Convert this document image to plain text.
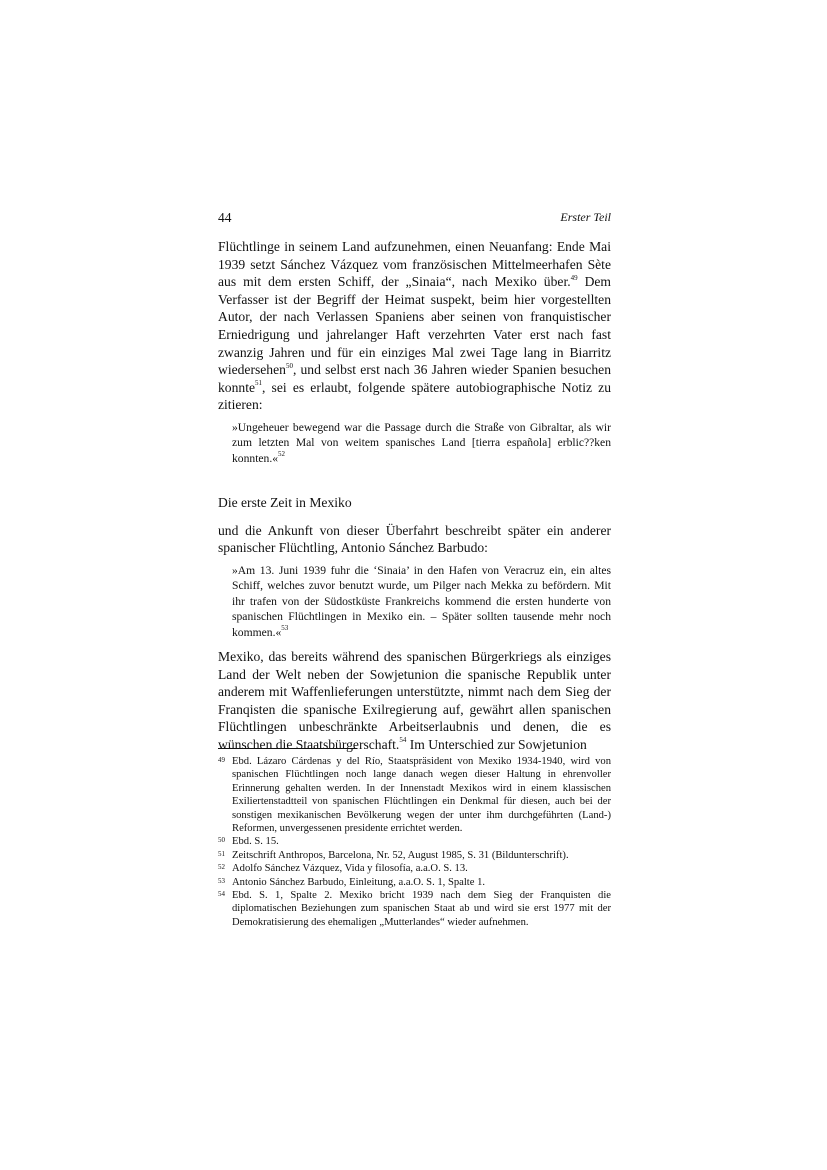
44	Erster Teil

Flüchtlinge in seinem Land aufzunehmen, einen Neuanfang: Ende Mai 1939 setzt Sánchez Vázquez vom französischen Mittelmeerhafen Sète aus mit dem ersten Schiff, der „Sinaia“, nach Mexiko über.$^{49}$ Dem Verfasser ist der Begriff der Heimat suspekt, beim hier vorgestellten Autor, der nach Verlassen Spaniens aber seinen von franquistischer Erniedrigung und jahrelanger Haft verzehrten Vater erst nach fast zwanzig Jahren und für ein einziges Mal zwei Tage lang in Biarritz wiedersehen$^{50}$, und selbst erst nach 36 Jahren wieder Spanien besuchen konnte$^{51}$, sei es erlaubt, folgende spätere autobiographische Notiz zu zitieren:

»Ungeheuer bewegend war die Passage durch die Straße von Gibraltar, als wir zum letzten Mal von weitem spanisches Land [tierra española] erblic??ken konnten.«$^{52}$

Die erste Zeit in Mexiko

und die Ankunft von dieser Überfahrt beschreibt später ein anderer spanischer Flüchtling, Antonio Sánchez Barbudo:

»Am 13. Juni 1939 fuhr die ‘Sinaia’ in den Hafen von Veracruz ein, ein altes Schiff, welches zuvor benutzt wurde, um Pilger nach Mekka zu befördern. Mit ihr trafen von der Südostküste Frankreichs kommend die ersten hunderte von spanischen Flüchtlingen in Mexiko ein. – Später sollten tausende mehr noch kommen.«$^{53}$

Mexiko, das bereits während des spanischen Bürgerkriegs als einziges Land der Welt neben der Sowjetunion die spanische Republik unter anderem mit Waffenlieferungen unterstützte, nimmt nach dem Sieg der Franqisten die spanische Exilregierung auf, gewährt allen spanischen Flüchtlingen unbeschränkte Arbeitserlaubnis und denen, die es wünschen die Staatsbürgerschaft.$^{54}$ Im Unterschied zur Sowjetunion

49 Ebd. Lázaro Cárdenas y del Río, Staatspräsident von Mexiko 1934-1940, wird von spanischen Flüchtlingen noch lange danach wegen dieser Haltung in ehrenvoller Erinnerung gehalten werden. In der Innenstadt Mexikos wird in einem klassischen Exiliertenstadtteil von spanischen Flüchtlingen ein Denkmal für diesen, auch bei der sonstigen mexikanischen Bevölkerung wegen der unter ihm durchgeführten (Land-) Reformen, unvergessenen presidente errichtet werden.
50 Ebd. S. 15.
51 Zeitschrift Anthropos, Barcelona, Nr. 52, August 1985, S. 31 (Bildunterschrift).
52 Adolfo Sánchez Vázquez, Vida y filosofía, a.a.O. S. 13.
53 Antonio Sánchez Barbudo, Einleitung, a.a.O. S. 1, Spalte 1.
54 Ebd. S. 1, Spalte 2. Mexiko bricht 1939 nach dem Sieg der Franquisten die diplomatischen Beziehungen zum spanischen Staat ab und wird sie erst 1977 mit der Demokratisierung des ehemaligen „Mutterlandes“ wieder aufnehmen.
